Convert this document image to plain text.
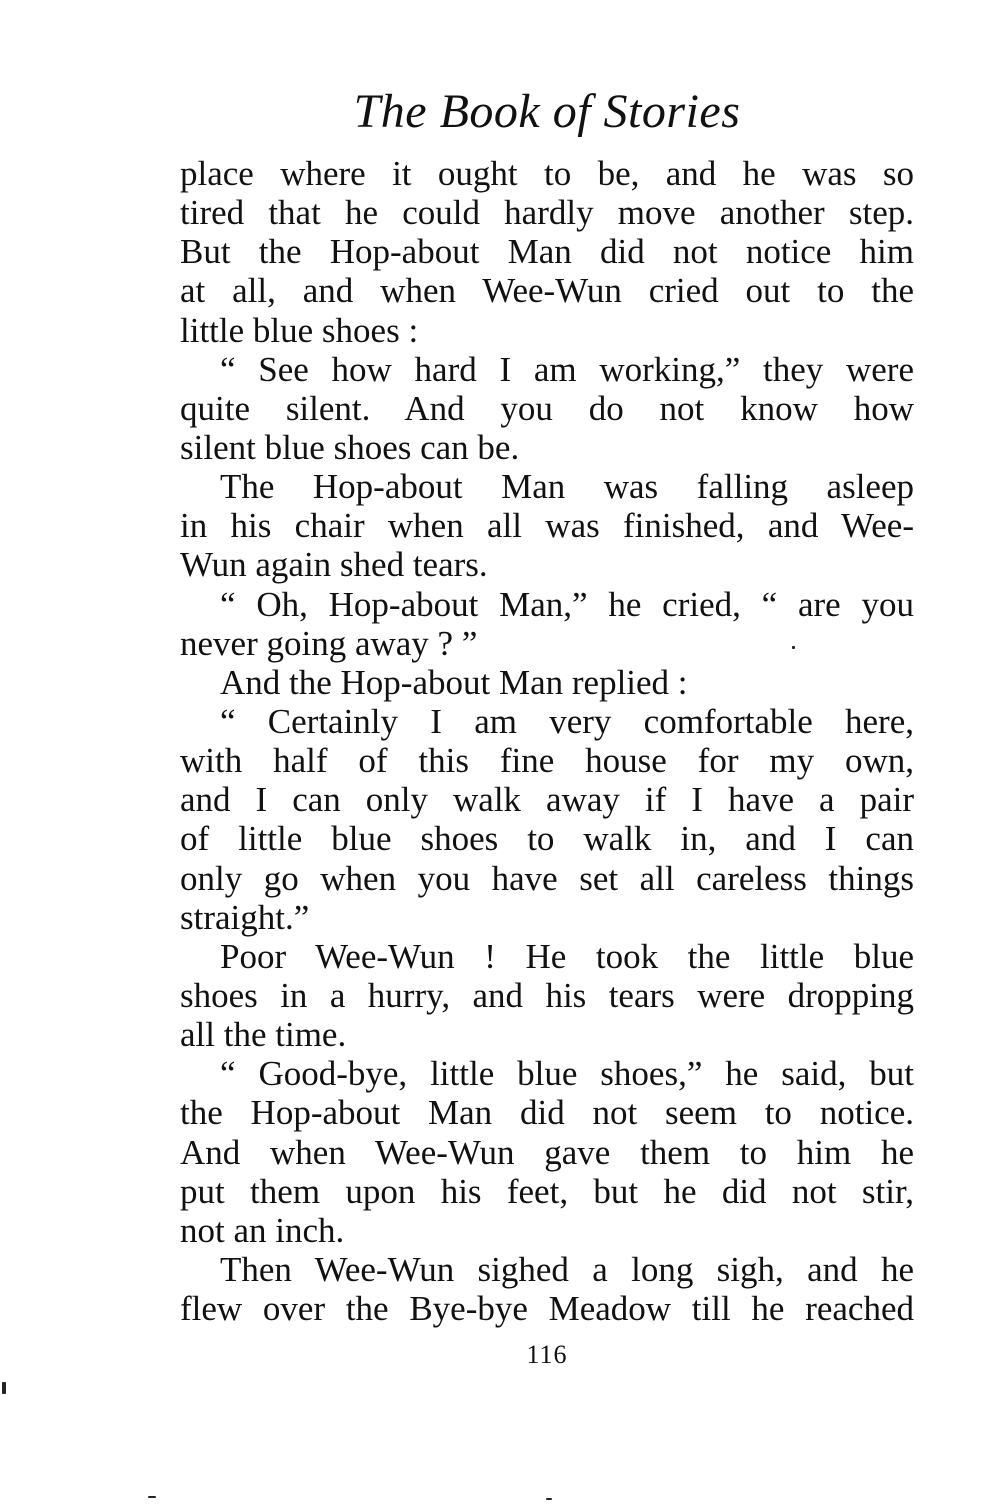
The Book of Stories
place where it ought to be, and he was so
tired that he could hardly move another step.
But the Hop-about Man did not notice him
at all, and when Wee-Wun cried out to the
little blue shoes :
“ See how hard I am working,” they were
quite silent. And you do not know how
silent blue shoes can be.
The Hop-about Man was falling asleep
in his chair when all was finished, and Wee-
Wun again shed tears.
“ Oh, Hop-about Man,” he cried, “ are you
never going away ? ”
And the Hop-about Man replied :
“ Certainly I am very comfortable here,
with half of this fine house for my own,
and I can only walk away if I have a pair
of little blue shoes to walk in, and I can
only go when you have set all careless things
straight.”
Poor Wee-Wun ! He took the little blue
shoes in a hurry, and his tears were dropping
all the time.
“ Good-bye, little blue shoes,” he said, but
the Hop-about Man did not seem to notice.
And when Wee-Wun gave them to him he
put them upon his feet, but he did not stir,
not an inch.
Then Wee-Wun sighed a long sigh, and he
flew over the Bye-bye Meadow till he reached
116
